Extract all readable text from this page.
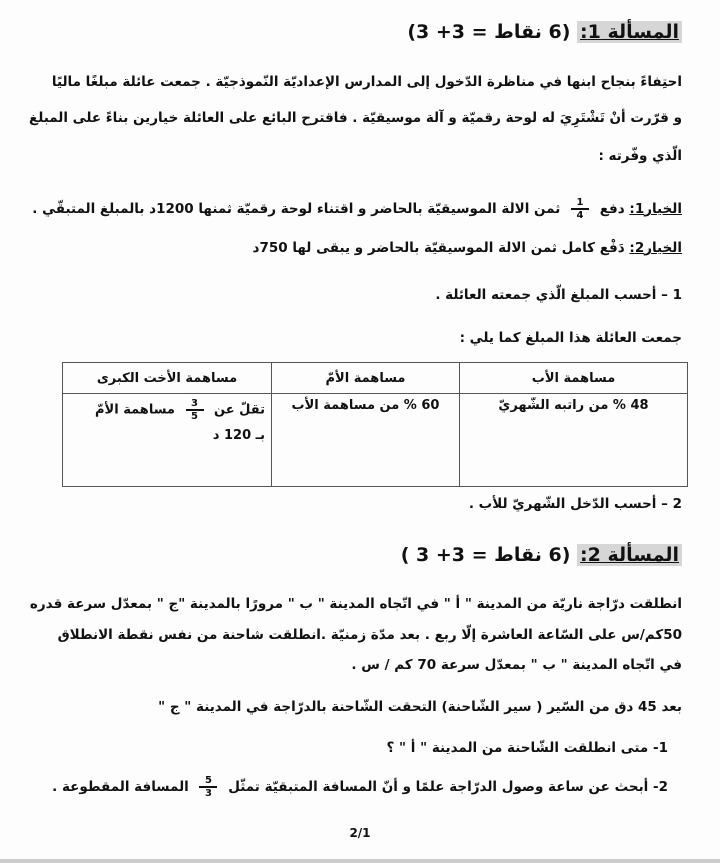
المسألة 1: (6 نقاط = 3+ 3)
احتِفاءً بنجاح ابنها في مناظرة الدّخول إلى المدارس الإعداديّة النّموذجيّة . جمعت عائلة مبلغًا ماليًا
و قرّرت أنْ تَشْتَرِيَ له لوحة رقميّة و آلة موسيقيّة . فاقترح البائع على العائلة خيارين بناءً على المبلغ
الّذي وفّرته :
الخيار1: دفع
$\frac{1}{4}$
ثمن الالة الموسيقيّة بالحاضر و اقتناء لوحة رقميّة ثمنها 1200د بالمبلغ المتبقّي .
الخيار2: دَفْع كامل ثمن الالة الموسيقيّة بالحاضر و يبقى لها 750د
1 – أحسب المبلغ الّذي جمعته العائلة .
جمعت العائلة هذا المبلغ كما يلي :
مساهمة الأب	مساهمة الأمّ	مساهمة الأخت الكبرى
48 % من راتبه الشّهريّ	60 % من مساهمة الأب	تقلّ عن
$\frac{3}{5}$
مساهمة الأمّ
بـ 120 د
2 – أحسب الدّخل الشّهريّ للأب .
المسألة 2: (6 نقاط = 3+ 3 )
انطلقت درّاجة ناريّة من المدينة " أ " في اتّجاه المدينة " ب " مرورًا بالمدينة "ج " بمعدّل سرعة قدره
50كم/س على السّاعة العاشرة إلّا ربع . بعد مدّة زمنيّة .انطلقت شاحنة من نفس نقطة الانطلاق
في اتّجاه المدينة " ب " بمعدّل سرعة 70 كم / س .
بعد 45 دق من السّير ( سير الشّاحنة) التحقت الشّاحنة بالدرّاجة في المدينة " ج "
1- متى انطلقت الشّاحنة من المدينة " أ " ؟
2- أبحث عن ساعة وصول الدرّاجة علمًا و أنّ المسافة المتبقيّة تمثّل
$\frac{5}{3}$
المسافة المقطوعة .
2/1
